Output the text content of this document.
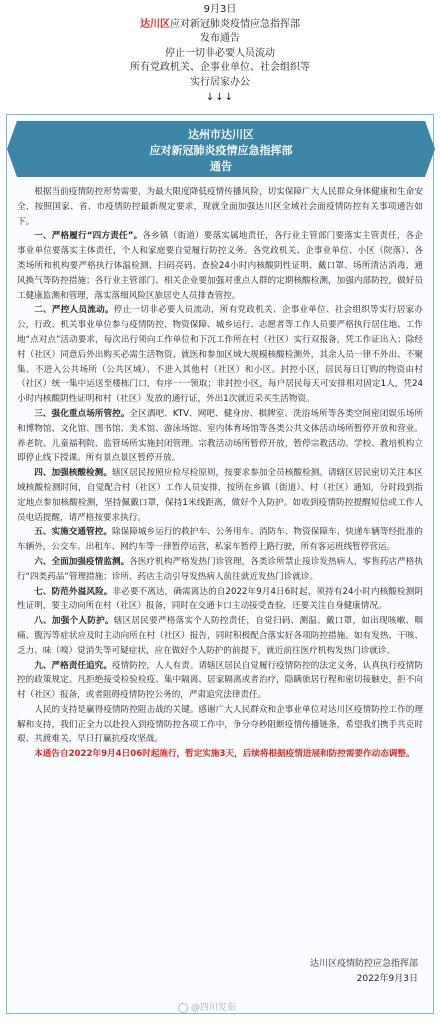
9月3日
达川区应对新冠肺炎疫情应急指挥部
发布通告
停止一切非必要人员流动
所有党政机关、企事业单位、社会组织等
实行居家办公
↓↓↓
达州市达川区
应对新冠肺炎疫情应急指挥部
通告

根据当前疫情防控形势需要，为最大限度降低疫情传播风险，切实保障广大人民群众身体健康和生命安全，按照国家、省、市疫情防控最新规定要求，现就全面加强达川区全域社会面疫情防控有关事项通告如下。

一、严格履行“四方责任”。各乡镇（街道）要落实属地责任，各行业主管部门要落实主管责任，各企事业单位要落实主体责任，个人和家庭要自觉履行防控义务。各党政机关、企事业单位、小区（院落）、各类场所和机构要严格执行体温检测、扫码亮码、查验24小时内核酸阴性证明、戴口罩、场所清洁消毒、通风换气等防控措施；各行业主管部门、相关企业要加强对重点人群的定期核酸检测，加强内部防控，做好员工健康监测和管理，落实落细风险区旅居史人员排查管控。

二、严控人员流动。停止一切非必要人员流动，所有党政机关、企事业单位、社会组织等实行居家办公，行政、机关事业单位参与疫情防控、物资保障、城乡运行、志愿者等工作人员要严格执行居住地、工作地“点对点”活动要求，每次出行须向工作单位和下沉工作所在村（社区）实行双报备，凭工作证出入；除经村（社区）同意后外出购买必需生活物资、就医和参加区域大规模核酸检测外，其余人员一律不外出、不聚集、不进入公共场所（公共区域）、不进入其他村（社区）和小区。封控小区，居民每日订购的物资由村（社区）统一集中运送至楼栋门口，有序一一领取；非封控小区，每户居民每天可安排相对固定1人，凭24小时内核酸阴性证明和村（社区）发放的通行证，外出1次就近采买生活物资。

三、强化重点场所管控。全区酒吧、KTV、网吧、健身房、棋牌室、洗浴场所等各类空间密闭娱乐场所和博物馆、文化馆、图书馆、美术馆、游泳场馆、室内体育场馆等各类公共文体活动场所暂停开放和营业。养老院、儿童福利院、监管场所实施封闭管理。宗教活动场所暂停开放，暂停宗教活动。学校、教培机构立即停止线下授课。所有景点景区暂停开放。

四、加强核酸检测。辖区居民按照应检尽检原则，按要求参加全员核酸检测。请辖区居民密切关注本区域核酸检测时间，自觉配合村（社区）工作人员安排，按所在乡镇（街道）、村（社区）通知，分时段到指定地点参加核酸检测，坚持佩戴口罩，保持1米线距离，做好个人防护。如收到疫情防控提醒短信或工作人员电话提醒，请严格按要求执行。

五、实施交通管控。除保障城乡运行的救护车、公务用车、消防车、物资保障车、快递车辆等经批准的车辆外，公交车、出租车、网约车等一律暂停运营，私家车暂停上路行驶，所有客运班线暂停营运。

六、全面加强疫情监测。各医疗机构严格发热门诊管理，各类诊所禁止接诊发热病人，零售药店严格执行“四类药品”管理措施；诊所、药店主动引导发热病人前往就近发热门诊就诊。

七、防范外溢风险。非必要不离达，确需离达的自2022年9月4日6时起，须持有24小时内核酸检测阴性证明，要主动向所在村（社区）报备，同时在交通卡口主动接受查验，还要关注自身健康情况。

八、加强个人防护。辖区居民要严格落实个人防控责任，自觉扫码、测温、戴口罩，如出现咳嗽、咽痛、腹泻等症状应及时主动向所在村（社区）报告，同时积极配合落实好各项防控措施。如有发热、干咳、乏力、味（嗅）觉消失等可疑症状，应在做好个人防护的前提下，就近前往医疗机构发热门诊就诊。

九、严格责任追究。疫情防控，人人有责。请辖区居民自觉履行疫情防控的法定义务，认真执行疫情防控的政策规定。凡拒绝接受检验检疫、集中隔离、居家隔离或者治疗，隐瞒旅居行程和密切接触史，拒不向村（社区）报备，或者阻碍疫情防控公务的，严肃追究法律责任。

人民的支持是赢得疫情防控阻击战的关键。感谢广大人民群众和企事业单位对达川区疫情防控工作的理解和支持，我们正全力以赴投入到疫情防控各项工作中，争分夺秒阻断疫情传播链条，希望我们携手共克时艰、共渡难关，早日打赢抗疫攻坚战。

本通告自2022年9月4日06时起施行，暂定实施3天，后续将根据疫情进展和防控需要作动态调整。

达川区疫情防控应急指挥部
2022年9月3日
@四川发布
